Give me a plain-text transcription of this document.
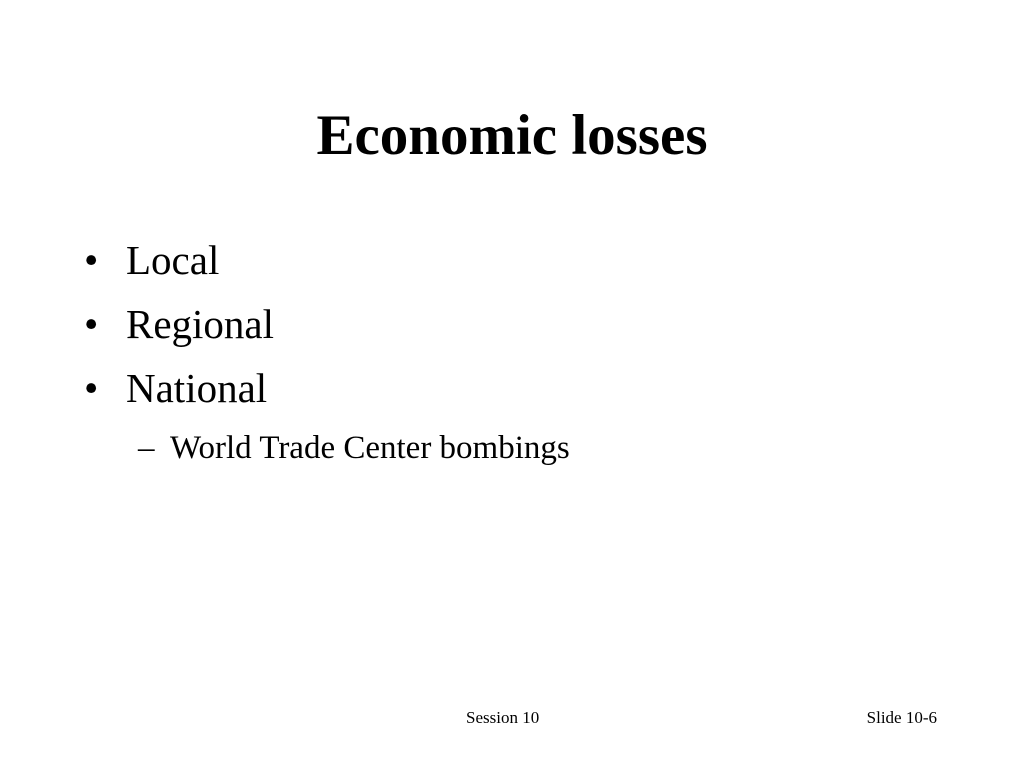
Economic losses
• Local
• Regional
• National
– World Trade Center bombings
Session 10	Slide 10-6
